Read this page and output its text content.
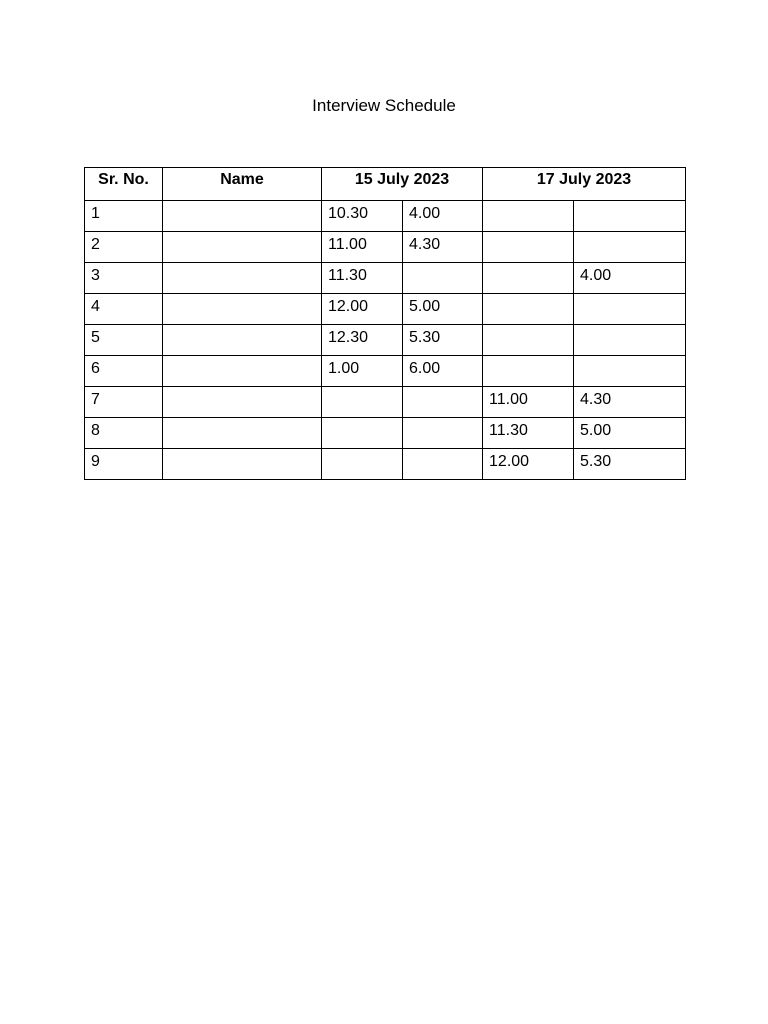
Interview Schedule
Sr. No.	Name	15 July 2023		17 July 2023	
1		10.30	4.00		
2		11.00	4.30		
3		11.30			4.00
4		12.00	5.00		
5		12.30	5.30		
6		1.00	6.00		
7				11.00	4.30
8				11.30	5.00
9				12.00	5.30
